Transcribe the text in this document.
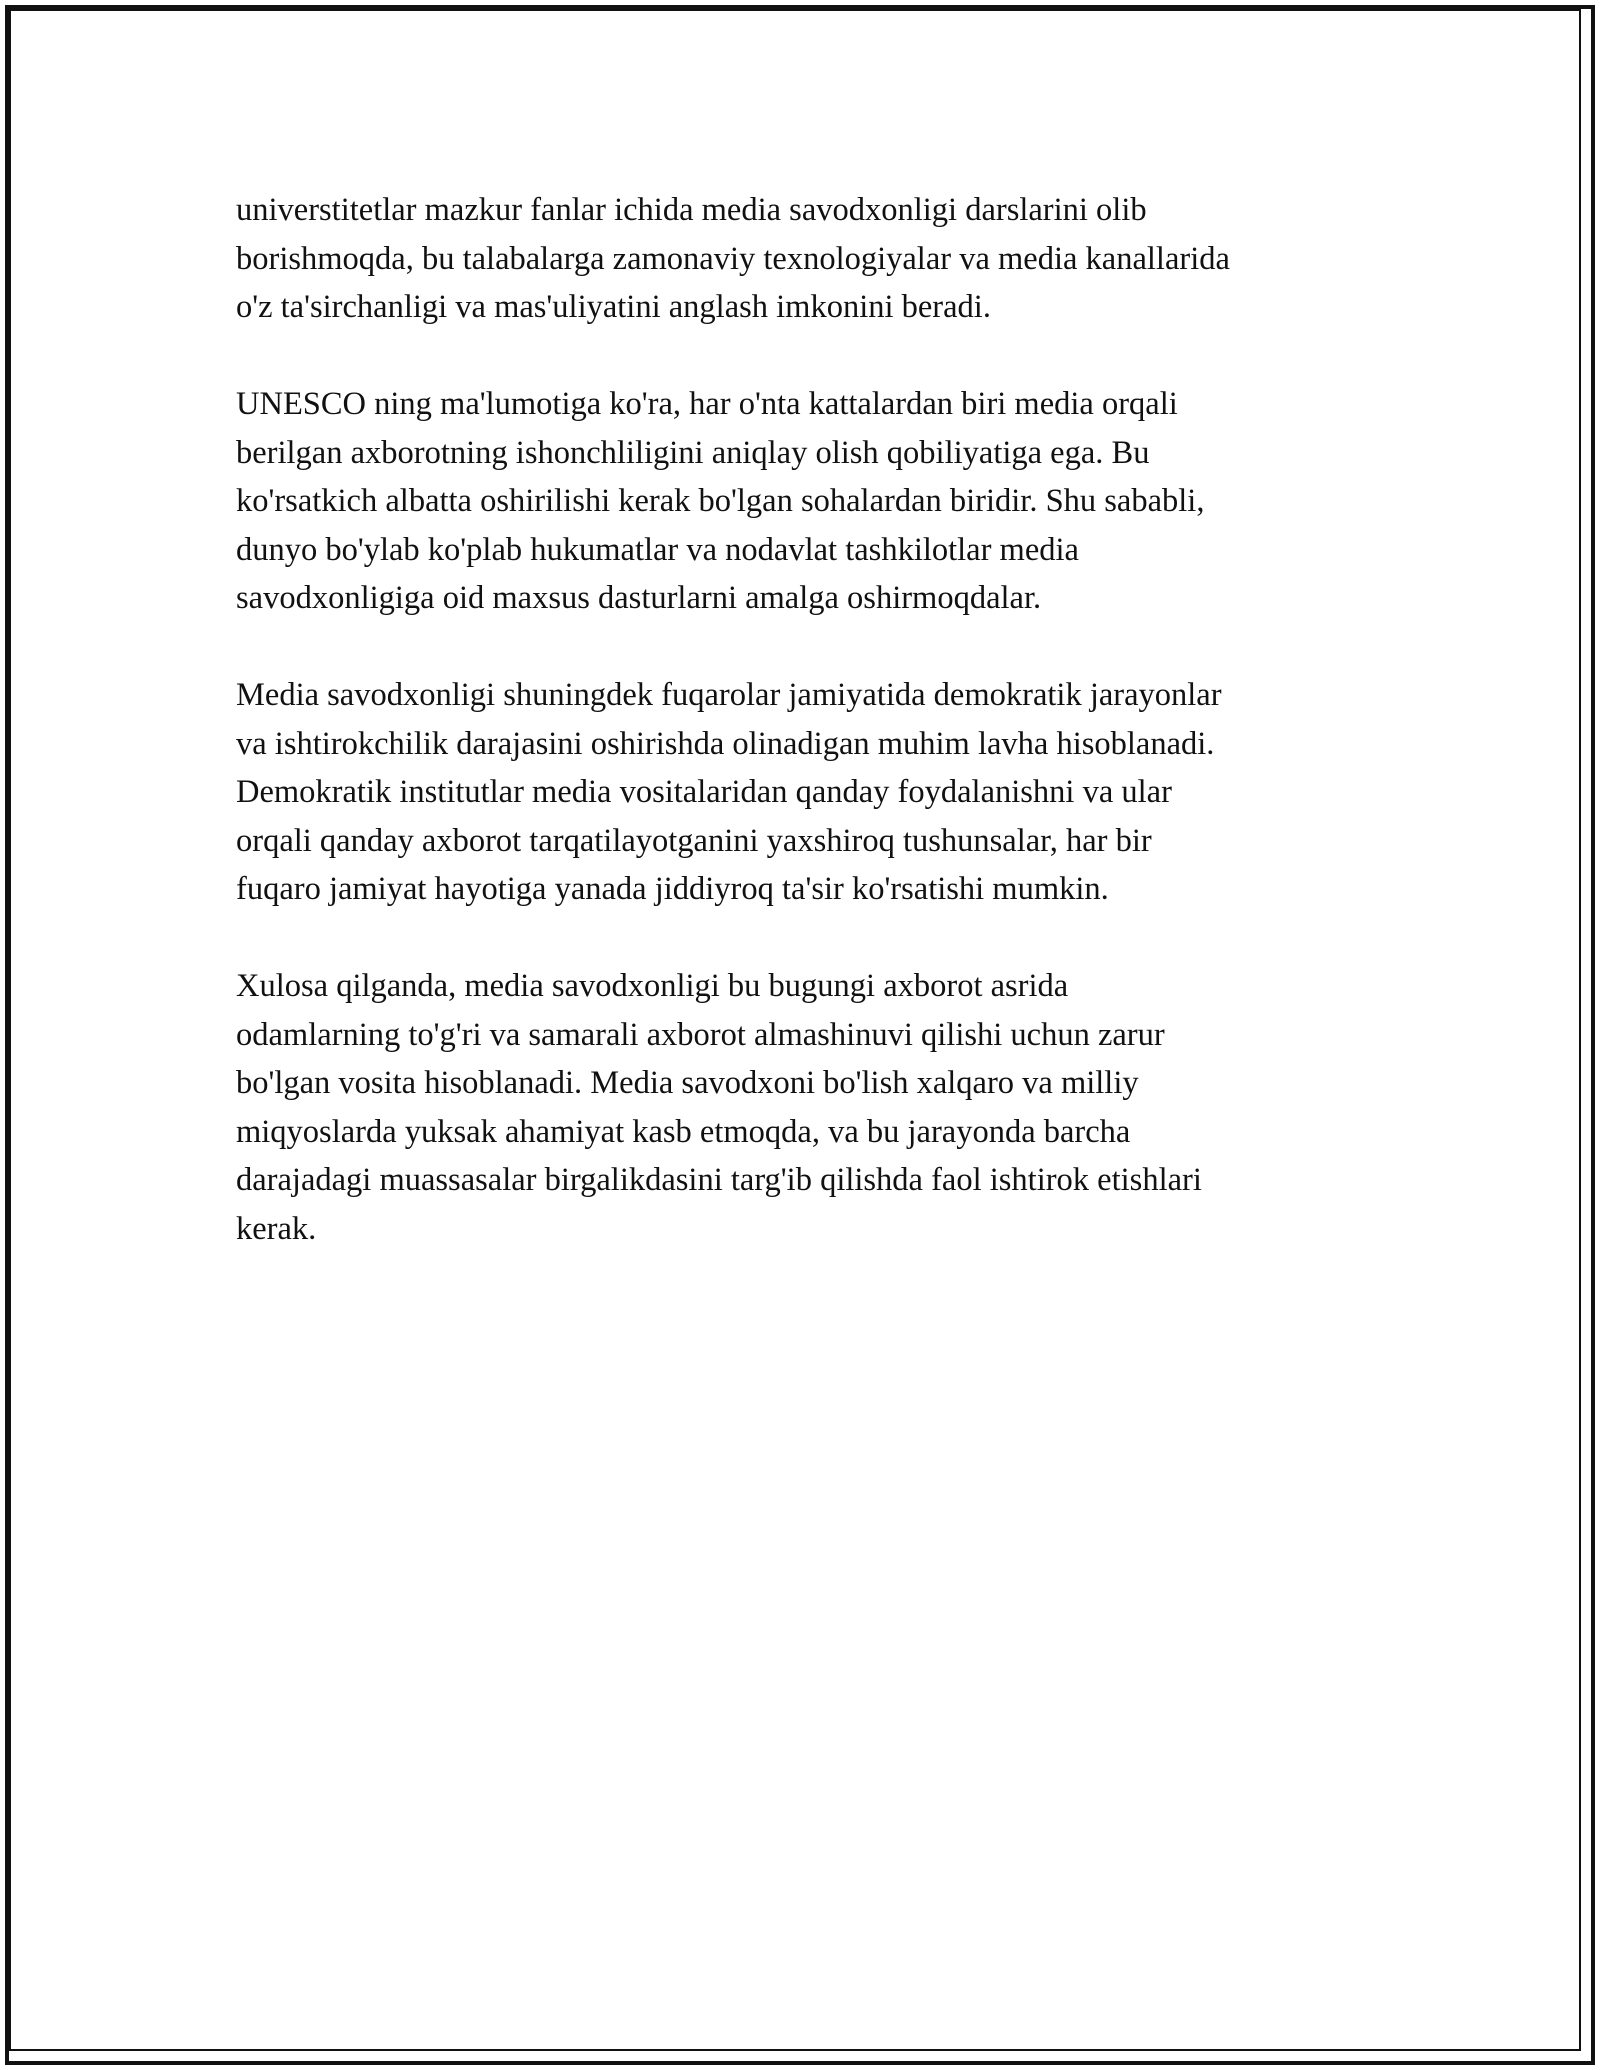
universtitetlar mazkur fanlar ichida media savodxonligi darslarini olib
borishmoqda, bu talabalarga zamonaviy texnologiyalar va media kanallarida
o'z ta'sirchanligi va mas'uliyatini anglash imkonini beradi.

UNESCO ning ma'lumotiga ko'ra, har o'nta kattalardan biri media orqali
berilgan axborotning ishonchliligini aniqlay olish qobiliyatiga ega. Bu
ko'rsatkich albatta oshirilishi kerak bo'lgan sohalardan biridir. Shu sababli,
dunyo bo'ylab ko'plab hukumatlar va nodavlat tashkilotlar media
savodxonligiga oid maxsus dasturlarni amalga oshirmoqdalar.

Media savodxonligi shuningdek fuqarolar jamiyatida demokratik jarayonlar
va ishtirokchilik darajasini oshirishda olinadigan muhim lavha hisoblanadi.
Demokratik institutlar media vositalaridan qanday foydalanishni va ular
orqali qanday axborot tarqatilayotganini yaxshiroq tushunsalar, har bir
fuqaro jamiyat hayotiga yanada jiddiyroq ta'sir ko'rsatishi mumkin.

Xulosa qilganda, media savodxonligi bu bugungi axborot asrida
odamlarning to'g'ri va samarali axborot almashinuvi qilishi uchun zarur
bo'lgan vosita hisoblanadi. Media savodxoni bo'lish xalqaro va milliy
miqyoslarda yuksak ahamiyat kasb etmoqda, va bu jarayonda barcha
darajadagi muassasalar birgalikdasini targ'ib qilishda faol ishtirok etishlari
kerak.
